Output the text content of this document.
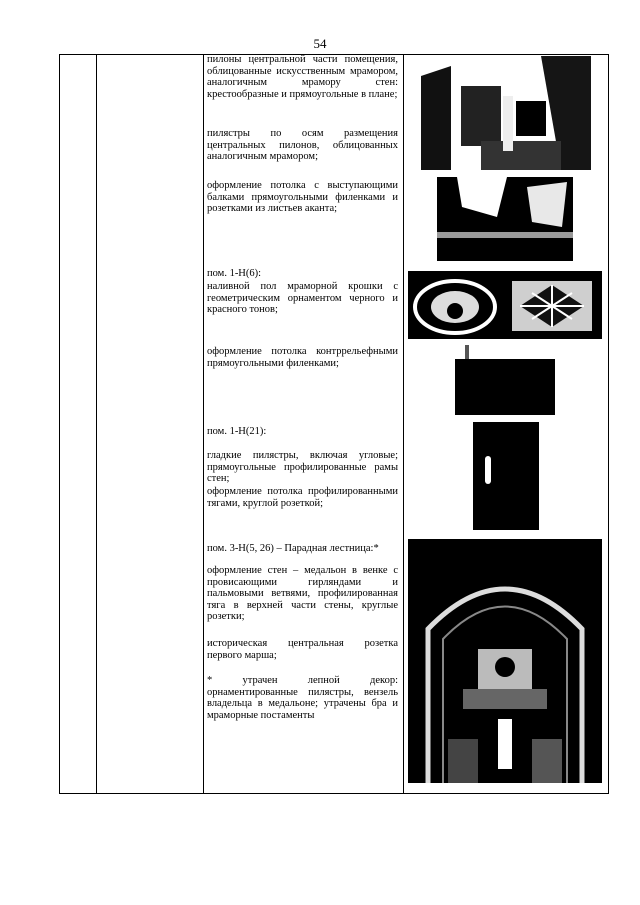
54
пилоны центральной части помещения, облицованные искусственным мрамором, аналогичным мрамору стен: крестообразные и прямоугольные в плане;
пилястры по осям размещения центральных пилонов, облицованных аналогичным мрамором;
оформление потолка с выступающими балками прямоугольными филенками и розетками из листьев аканта;
пом. 1-Н(6):
наливной пол мраморной крошки с геометрическим орнаментом черного и красного тонов;
оформление потолка контррельефными прямоугольными филенками;
пом. 1-Н(21):
гладкие пилястры, включая угловые; прямоугольные профилированные рамы стен;
оформление потолка профилированными тягами, круглой розеткой;
пом. 3-Н(5, 26) – Парадная лестница:*
оформление стен – медальон в венке с провисающими гирляндами и пальмовыми ветвями, профилированная тяга в верхней части стены, круглые розетки;
историческая центральная розетка первого марша;
* утрачен лепной декор: орнаментированные пилястры, вензель владельца в медальоне; утрачены бра и мраморные постаменты
